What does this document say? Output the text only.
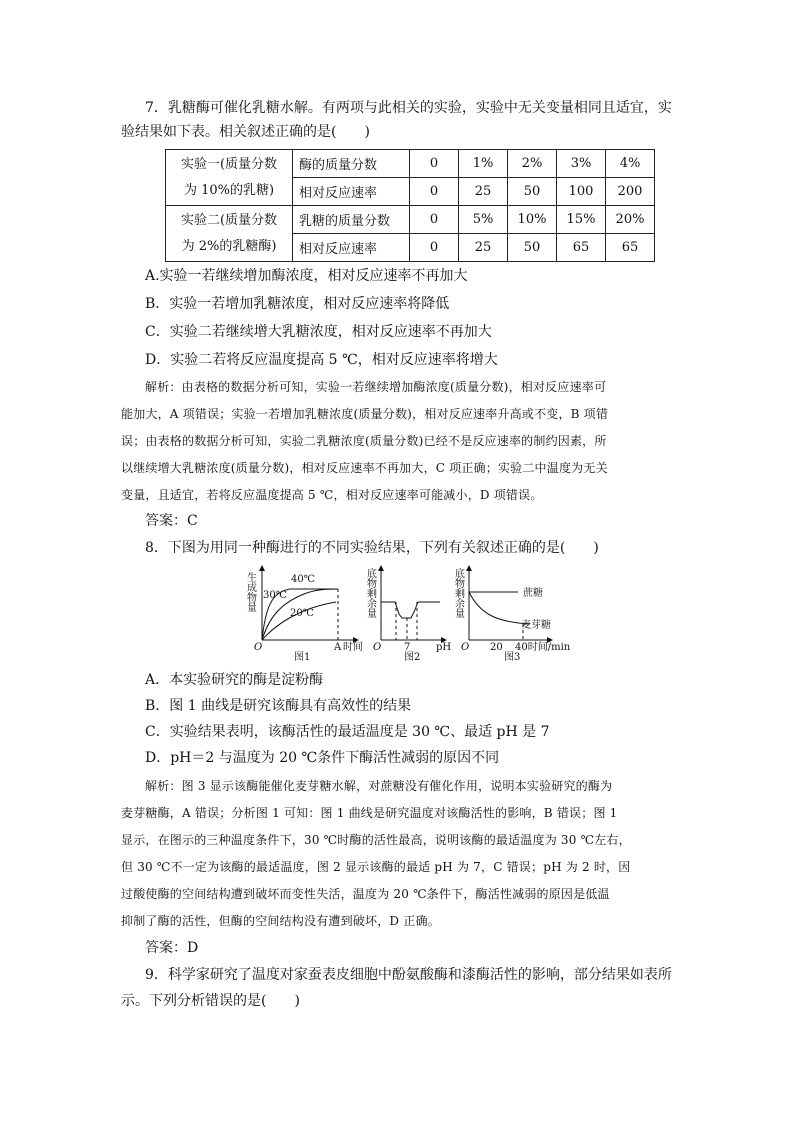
7．乳糖酶可催化乳糖水解。有两项与此相关的实验，实验中无关变量相同且适宜，实
验结果如下表。相关叙述正确的是(　　)
实验一(质量分数
为 10%的乳糖)	酶的质量分数	0	1%	2%	3%	4%
	相对反应速率	0	25	50	100	200
实验二(质量分数
为 2%的乳糖酶)	乳糖的质量分数	0	5%	10%	15%	20%
	相对反应速率	0	25	50	65	65
A.实验一若继续增加酶浓度，相对反应速率不再加大
B．实验一若增加乳糖浓度，相对反应速率将降低
C．实验二若继续增大乳糖浓度，相对反应速率不再加大
D．实验二若将反应温度提高 5 ℃，相对反应速率将增大
解析：由表格的数据分析可知，实验一若继续增加酶浓度(质量分数)，相对反应速率可
能加大，A 项错误；实验一若增加乳糖浓度(质量分数)，相对反应速率升高或不变，B 项错
误；由表格的数据分析可知，实验二乳糖浓度(质量分数)已经不是反应速率的制约因素，所
以继续增大乳糖浓度(质量分数)，相对反应速率不再加大，C 项正确；实验二中温度为无关
变量，且适宜，若将反应温度提高 5 ℃，相对反应速率可能减小，D 项错误。
答案：C
8．下图为用同一种酶进行的不同实验结果，下列有关叙述正确的是(　　)
生成物量	40℃
30℃
20℃
O	A 时间
图1
底物剩余量
O 7	pH
图2
底物剩余量	蔗糖
麦芽糖
O 20 40时间/min
图3
A．本实验研究的酶是淀粉酶
B．图 1 曲线是研究该酶具有高效性的结果
C．实验结果表明，该酶活性的最适温度是 30 ℃、最适 pH 是 7
D．pH＝2 与温度为 20 ℃条件下酶活性减弱的原因不同
解析：图 3 显示该酶能催化麦芽糖水解，对蔗糖没有催化作用，说明本实验研究的酶为
麦芽糖酶，A 错误；分析图 1 可知：图 1 曲线是研究温度对该酶活性的影响，B 错误；图 1
显示，在图示的三种温度条件下，30 ℃时酶的活性最高，说明该酶的最适温度为 30 ℃左右，
但 30 ℃不一定为该酶的最适温度，图 2 显示该酶的最适 pH 为 7，C 错误；pH 为 2 时，因
过酸使酶的空间结构遭到破坏而变性失活，温度为 20 ℃条件下，酶活性减弱的原因是低温
抑制了酶的活性，但酶的空间结构没有遭到破坏，D 正确。
答案：D
9．科学家研究了温度对家蚕表皮细胞中酚氨酸酶和漆酶活性的影响，部分结果如表所
示。下列分析错误的是(　　)
